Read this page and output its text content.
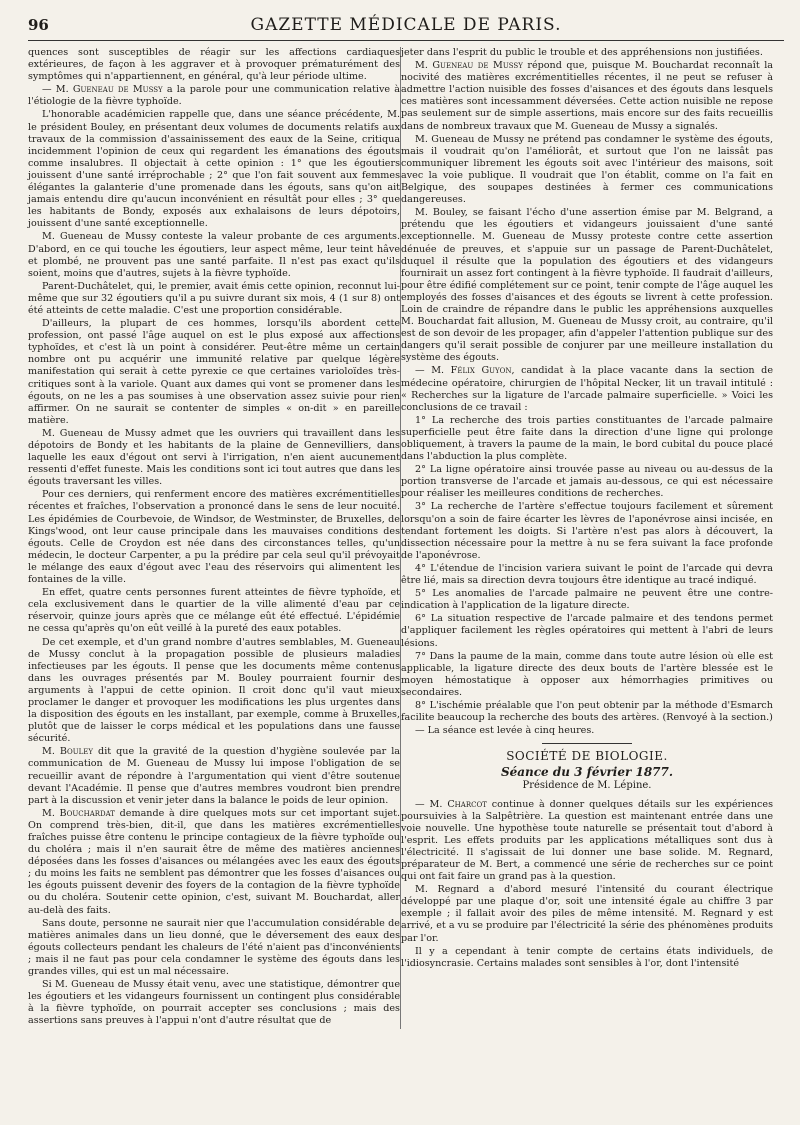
96	GAZETTE MÉDICALE DE PARIS.

quences sont susceptibles de réagir sur les affections cardiaques extérieures, de façon à les aggraver et à provoquer prématurément des symptômes qui n'appartiennent, en général, qu'à leur période ultime.

— M. Gueneau de Mussy a la parole pour une communication relative à l'étiologie de la fièvre typhoïde.

L'honorable académicien rappelle que, dans une séance précédente, M. le président Bouley, en présentant deux volumes de documents relatifs aux travaux de la commission d'assainissement des eaux de la Seine, critiqua incidemment l'opinion de ceux qui regardent les émanations des égouts comme insalubres. Il objectait à cette opinion : 1° que les égoutiers jouissent d'une santé irréprochable ; 2° que l'on fait souvent aux femmes élégantes la galanterie d'une promenade dans les égouts, sans qu'on ait jamais entendu dire qu'aucun inconvénient en résultât pour elles ; 3° que les habitants de Bondy, exposés aux exhalaisons de leurs dépotoirs, jouissent d'une santé exceptionnelle.

M. Gueneau de Mussy conteste la valeur probante de ces arguments. D'abord, en ce qui touche les égoutiers, leur aspect même, leur teint hâve et plombé, ne prouvent pas une santé parfaite. Il n'est pas exact qu'ils soient, moins que d'autres, sujets à la fièvre typhoïde.

Parent-Duchâtelet, qui, le premier, avait émis cette opinion, reconnut lui-même que sur 32 égoutiers qu'il a pu suivre durant six mois, 4 (1 sur 8) ont été atteints de cette maladie. C'est une proportion considérable.

D'ailleurs, la plupart de ces hommes, lorsqu'ils abordent cette profession, ont passé l'âge auquel on est le plus exposé aux affections typhoïdes, et c'est là un point à considérer. Peut-être même un certain nombre ont pu acquérir une immunité relative par quelque légère manifestation qui serait à cette pyrexie ce que certaines varioloïdes très-critiques sont à la variole. Quant aux dames qui vont se promener dans les égouts, on ne les a pas soumises à une observation assez suivie pour rien affirmer. On ne saurait se contenter de simples « on-dit » en pareille matière.

M. Gueneau de Mussy admet que les ouvriers qui travaillent dans les dépotoirs de Bondy et les habitants de la plaine de Gennevilliers, dans laquelle les eaux d'égout ont servi à l'irrigation, n'en aient aucunement ressenti d'effet funeste. Mais les conditions sont ici tout autres que dans les égouts traversant les villes.

Pour ces derniers, qui renferment encore des matières excrémentitielles récentes et fraîches, l'observation a prononcé dans le sens de leur nocuité. Les épidémies de Courbevoie, de Windsor, de Westminster, de Bruxelles, de Kings'wood, ont leur cause principale dans les mauvaises conditions des égouts. Celle de Croydon est née dans des circonstances telles, qu'un médecin, le docteur Carpenter, a pu la prédire par cela seul qu'il prévoyait le mélange des eaux d'égout avec l'eau des réservoirs qui alimentent les fontaines de la ville.

En effet, quatre cents personnes furent atteintes de fièvre typhoïde, et cela exclusivement dans le quartier de la ville alimenté d'eau par ce réservoir, quinze jours après que ce mélange eût été effectué. L'épidémie ne cessa qu'après qu'on eût veillé à la pureté des eaux potables.

De cet exemple, et d'un grand nombre d'autres semblables, M. Gueneau de Mussy conclut à la propagation possible de plusieurs maladies infectieuses par les égouts. Il pense que les documents même contenus dans les ouvrages présentés par M. Bouley pourraient fournir des arguments à l'appui de cette opinion. Il croit donc qu'il vaut mieux proclamer le danger et provoquer les modifications les plus urgentes dans la disposition des égouts en les installant, par exemple, comme à Bruxelles, plutôt que de laisser le corps médical et les populations dans une fausse sécurité.

M. Bouley dit que la gravité de la question d'hygiène soulevée par la communication de M. Gueneau de Mussy lui impose l'obligation de se recueillir avant de répondre à l'argumentation qui vient d'être soutenue devant l'Académie. Il pense que d'autres membres voudront bien prendre part à la discussion et venir jeter dans la balance le poids de leur opinion.

M. Bouchardat demande à dire quelques mots sur cet important sujet. On comprend très-bien, dit-il, que dans les matières excrémentielles fraîches puisse être contenu le principe contagieux de la fièvre typhoïde ou du choléra ; mais il n'en saurait être de même des matières anciennes déposées dans les fosses d'aisances ou mélangées avec les eaux des égouts ; du moins les faits ne semblent pas démontrer que les fosses d'aisances ou les égouts puissent devenir des foyers de la contagion de la fièvre typhoïde ou du choléra. Soutenir cette opinion, c'est, suivant M. Bouchardat, aller au-delà des faits.

Sans doute, personne ne saurait nier que l'accumulation considérable de matières animales dans un lieu donné, que le déversement des eaux des égouts collecteurs pendant les chaleurs de l'été n'aient pas d'inconvénients ; mais il ne faut pas pour cela condamner le système des égouts dans les grandes villes, qui est un mal nécessaire.

Si M. Gueneau de Mussy était venu, avec une statistique, démontrer que les égoutiers et les vidangeurs fournissent un contingent plus considérable à la fièvre typhoïde, on pourrait accepter ses conclusions ; mais des assertions sans preuves à l'appui n'ont d'autre résultat que de

jeter dans l'esprit du public le trouble et des appréhensions non justifiées.

M. Gueneau de Mussy répond que, puisque M. Bouchardat reconnaît la nocivité des matières excrémentitielles récentes, il ne peut se refuser à admettre l'action nuisible des fosses d'aisances et des égouts dans lesquels ces matières sont incessamment déversées. Cette action nuisible ne repose pas seulement sur de simple assertions, mais encore sur des faits recueillis dans de nombreux travaux que M. Gueneau de Mussy a signalés.

M. Gueneau de Mussy ne prétend pas condamner le système des égouts, mais il voudrait qu'on l'améliorât, et surtout que l'on ne laissât pas communiquer librement les égouts soit avec l'intérieur des maisons, soit avec la voie publique. Il voudrait que l'on établit, comme on l'a fait en Belgique, des soupapes destinées à fermer ces communications dangereuses.

M. Bouley, se faisant l'écho d'une assertion émise par M. Belgrand, a prétendu que les égoutiers et vidangeurs jouissaient d'une santé exceptionnelle. M. Gueneau de Mussy proteste contre cette assertion dénuée de preuves, et s'appuie sur un passage de Parent-Duchâtelet, duquel il résulte que la population des égoutiers et des vidangeurs fournirait un assez fort contingent à la fièvre typhoïde. Il faudrait d'ailleurs, pour être édifié complétement sur ce point, tenir compte de l'âge auquel les employés des fosses d'aisances et des égouts se livrent à cette profession. Loin de craindre de répandre dans le public les appréhensions auxquelles M. Bouchardat fait allusion, M. Gueneau de Mussy croit, au contraire, qu'il est de son devoir de les propager, afin d'appeler l'attention publique sur des dangers qu'il serait possible de conjurer par une meilleure installation du système des égouts.

— M. Félix Guyon, candidat à la place vacante dans la section de médecine opératoire, chirurgien de l'hôpital Necker, lit un travail intitulé : « Recherches sur la ligature de l'arcade palmaire superficielle. » Voici les conclusions de ce travail :

1° La recherche des trois parties constituantes de l'arcade palmaire superficielle peut être faite dans la direction d'une ligne qui prolonge obliquement, à travers la paume de la main, le bord cubital du pouce placé dans l'abduction la plus complète.

2° La ligne opératoire ainsi trouvée passe au niveau ou au-dessus de la portion transverse de l'arcade et jamais au-dessous, ce qui est nécessaire pour réaliser les meilleures conditions de recherches.

3° La recherche de l'artère s'effectue toujours facilement et sûrement lorsqu'on a soin de faire écarter les lèvres de l'aponévrose ainsi incisée, en tendant fortement les doigts. Si l'artère n'est pas alors à découvert, la dissection nécessaire pour la mettre à nu se fera suivant la face profonde de l'aponévrose.

4° L'étendue de l'incision variera suivant le point de l'arcade qui devra être lié, mais sa direction devra toujours être identique au tracé indiqué.

5° Les anomalies de l'arcade palmaire ne peuvent être une contre-indication à l'application de la ligature directe.

6° La situation respective de l'arcade palmaire et des tendons permet d'appliquer facilement les règles opératoires qui mettent à l'abri de leurs lésions.

7° Dans la paume de la main, comme dans toute autre lésion où elle est applicable, la ligature directe des deux bouts de l'artère blessée est le moyen hémostatique à opposer aux hémorrhagies primitives ou secondaires.

8° L'ischémie préalable que l'on peut obtenir par la méthode d'Esmarch facilite beaucoup la recherche des bouts des artères. (Renvoyé à la section.)

— La séance est levée à cinq heures.

SOCIÉTÉ DE BIOLOGIE.
Séance du 3 février 1877.
Présidence de M. Lépine.

— M. Charcot continue à donner quelques détails sur les expériences poursuivies à la Salpêtrière. La question est maintenant entrée dans une voie nouvelle. Une hypothèse toute naturelle se présentait tout d'abord à l'esprit. Les effets produits par les applications métalliques sont dus à l'électricité. Il s'agissait de lui donner une base solide. M. Regnard, préparateur de M. Bert, a commencé une série de recherches sur ce point qui ont fait faire un grand pas à la question.

M. Regnard a d'abord mesuré l'intensité du courant électrique développé par une plaque d'or, soit une intensité égale au chiffre 3 par exemple ; il fallait avoir des piles de même intensité. M. Regnard y est arrivé, et a vu se produire par l'électricité la série des phénomènes produits par l'or.

Il y a cependant à tenir compte de certains états individuels, de l'idiosyncrasie. Certains malades sont sensibles à l'or, dont l'intensité
